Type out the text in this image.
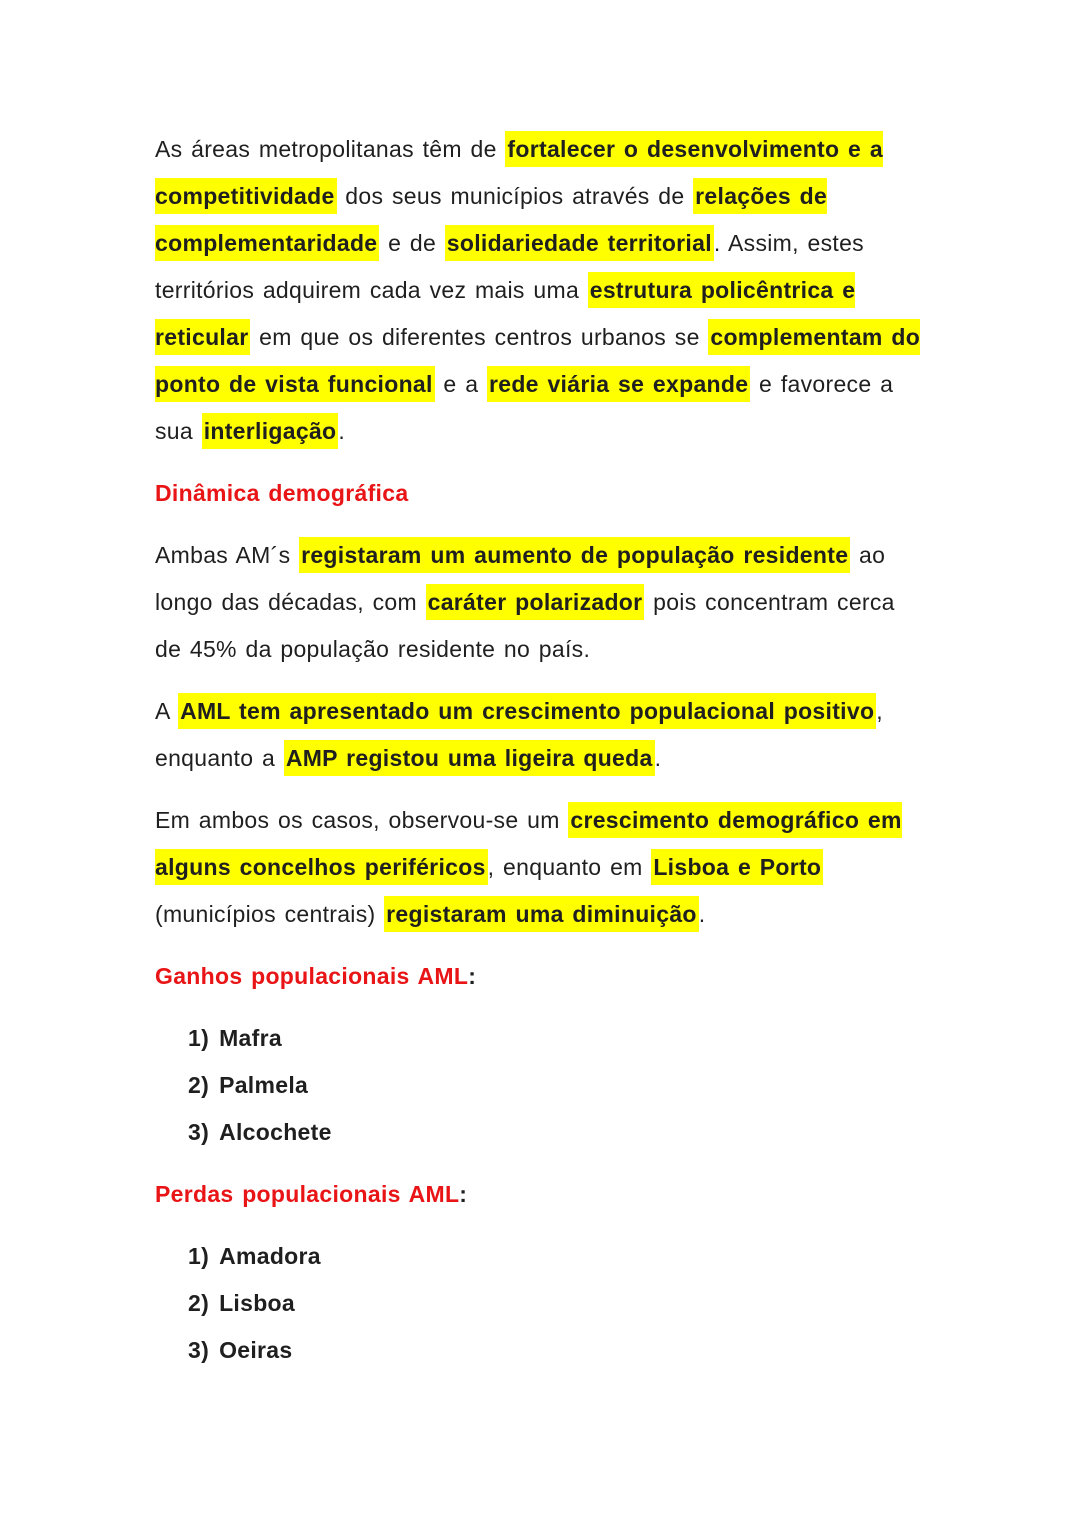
As áreas metropolitanas têm de fortalecer o desenvolvimento e a competitividade dos seus municípios através de relações de complementaridade e de solidariedade territorial. Assim, estes territórios adquirem cada vez mais uma estrutura policêntrica e reticular em que os diferentes centros urbanos se complementam do ponto de vista funcional e a rede viária se expande e favorece a sua interligação.

Dinâmica demográfica

Ambas AM´s registaram um aumento de população residente ao longo das décadas, com caráter polarizador pois concentram cerca de 45% da população residente no país.

A AML tem apresentado um crescimento populacional positivo, enquanto a AMP registou uma ligeira queda.

Em ambos os casos, observou-se um crescimento demográfico em alguns concelhos periféricos, enquanto em Lisboa e Porto (municípios centrais) registaram uma diminuição.

Ganhos populacionais AML:
1) Mafra
2) Palmela
3) Alcochete
Perdas populacionais AML:
1) Amadora
2) Lisboa
3) Oeiras
